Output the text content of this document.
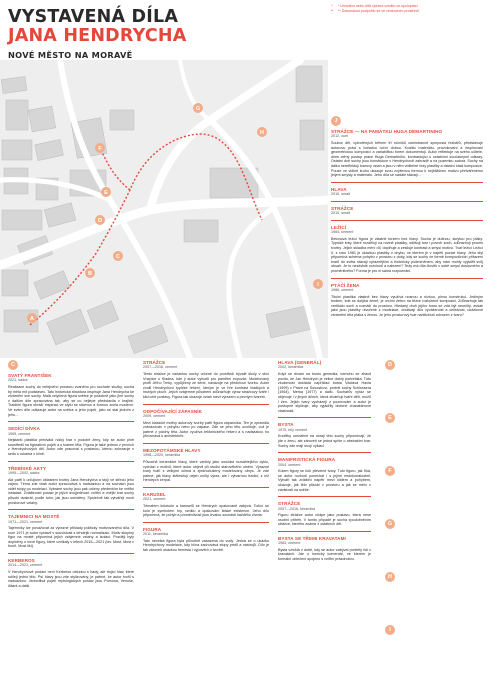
VYSTAVENÁ DÍLA
JANA HENDRYCHA
NOVÉ MĚSTO NA MORAVĚ
*	* Umístění nebo dílčí úprava vzniklo ve spolupráci
**	** Dokonalost podpořilo se ve venkovním prostředí
A
B
C
D
E
F
G
H
I
J
STRÁŽCE — NA PAMÁTKU HUGA DEMARTINIHO
2012, ocel
Soubor děl, vytvořených během tří ročníků osmistranné symposia řezbářů, představuje autorovu práci s bohatou roční dobou. Kvalitu materiálu, provokovaní a inspirovaní geometrickou kompozicí a variabilitou forem dokumentují. Autor reflektuje na svého učitele, dnes ctěný postup práce Huga Demartiniho, kontrastující s ostatními současnými odkazy. Ostatní dvě sochy jsou konstrukce v Hendrychově zahradě a na pozemku autora. Sochy na dálku nereflektují tvarový vztah a jsou v něm viditelné řezy plastiky a ostatní části kompozice. Pouze ve vidině kruhu ukazuje svou zvýšenou formou k nejbližšímu motivu přetvářenému jinými smysly a materiálu. Jeho díla se nadále stávají...
HLAVA
2010, smalt
STRÁŽCE
2010, smalt
LEŽÍCÍ
1984, cement
Betonová ležící figura je vlastně torzem bez hlavy. Socha je dutinou, skrytou pro ptáky. Typické krky, které rozdělují na rovině plastiky, odlišují tvar i povrch soch, zdůrazňují proces tvorby. Jejich skladba mění díl, doplňuje a zesiluje kontrast a smysl motivu. Tvar ležící Ležící II. z roku 1981 je ukázkou plastiky v ohybu, ve kterém je v napětí pozice hlavy. Jeho styl připomíná schéma pohybu v prostoru z doby, kdy se sochy ve formě kompozičních přiřazení tvarů do světa stávají výraznějším a historicky podmíněném, aby nám mohly vyjádřit svůj obsah. Je to nezávislé rozvinutí a nalezení? Tedy má díla člověk v sobě smysl doslovného a proměnlivého? Forma je pro ni sama rozpoznání.
PTÁČÍ ŽENA
1986, cement
Titulní plastika vlastně bez hlavy využívá nosnou a nízkou, plnou konstrukci. Jediným bodem, kde se dotýká země, je vrchní žebro na těžce rozložené kompozici. Zdůrazňuje tak vertikálu soch a roznáší do prostoru. Hledaný druh jejího tvaru se zdá být neurčitý, avšak jako jsou plastiky utvořené z modelace, dodávají dílu vyváženost a celistvost, ukázkové ztvárnění těla ptáka s ženou. Je jeho prostorový tvar nahlédnutí odvozen z tvaru?
C
SVATÝ FRANTIŠEK
2021, sádra
Realizace sochy do veřejného prostoru zvaného pro sochaře služby, socha by měla mít podstavec. Tato historická struktura inspiruje Jana Hendrycha ke ztvárnění své sochy. Malá vztyčená figura světce je podobně jako jiné sochy v dalším díle zpracována tak, aby se co nejlépe představila v krajině. Tradiční figura obráží inspiraci ve stylu se slavnou a formou zcela moderní. Ve svém díle odkazuje autor na světce a jeho pojetí, jako se stal jedním z jeho...
SEDÍCÍ DÍVKA
1969, cement
Nejstarší plastika předvádí nízký tvar v podobě ženy, kdy se autor plně soustředil na figurativní pojetí a s tvarem těla. Figura je také jednou z prvních z Hendrychových děl. Autor zde pracoval s postavou, kterou zobrazuje v sedu s rukama v klíně.
TŘEBÍSKÉ AKTY
1995—2002, sádra
Akt patří k určujícím oblastem tvorby Jana Hendrycha a stojí ve středu jeho zájmu. Téma zde však autor zpracovává s nadsázkou a na sochách jsou vidět stopy po modelaci. Vybrané sochy jsou pak určeny především ke vnitřní instalaci. Zvláštností postav je jejich dvojjedinost: vnitřní a vnější tvar sochy působí dvakrát, podle toho, jak jsou umístěny. Společně tak vytvářejí nové prostorové vztahy.
TAJEMNICI NA MOSTĚ
1971—2021, cement
Tajemníky lze považovat za výrazné příklady politicky motivovaného díla. V roce 1971 je autor vystavil v souvislosti s tehdejší normalizací. Motiv skupiny figur na mostě připomíná jejich vzájemné vztahy a izolaci. Později byly doplněny o nové figury, které vznikaly v letech 2015—2021 (tzv. Most, Most v bouři, Most liší).
KERBEROS
2014—2021, cement
V Hendrychově podání není Kerberos obludou s hady, ale trojicí hlav, které sdílejí jedno tělo. Psí hlavy jsou zde stylizovány, je patrné, že autor tvořil s nadsázkou. Jednotlivá pojetí mytologických postav jsou Pomona, Venuše, Atlant a další.
STRÁŽCE
2007—2016, cement
Tento strážce je variantou sochy určené do prostředí bývalé školy v obci Vnepice u Kladna, kde ji autor vytvořil pro pamětní expozici. Modelovaný profil Jiřího Trnky, vypůjčený ze série, navazuje na předchozí tvorbu. Autor zvolil Hendrychovi typické řešení, kterým je ve hře kontrast hladkých a hrubých ploch. Jejich vzájemné působení zdůrazňuje výraz strážcovy tváře i klid celé postavy. Figura tak ukazuje vztah mezi výrazem a pevným tvarem.
ODPOČÍVAJÍCÍ ZÁPASNÍK
2009, cement
Mezi klasické motivy autorovy tvorby patří figura zápasníka. Ten je zpravidla zobrazován v pohybu nebo po zápase. Zde se jeho tělo uvolňuje, což je patrné z polohy těla. Autor využívá tektonického řešení a s nadsázkou ho přirovnává k architektuře.
MEZOPOTÁMSKÉ HLAVY
1998—2020, keramika
Původně keramické hlavy, které vznikly jako součást rozsáhlejšího cyklu, vychází z motivů, které autor objevil při studiu starověkého umění. Výrazné tvary tváří s velkými očima a zjednodušený modelovaný obrys. Je zde patrné, jak hlavy ztělesňují nejen určitý výraz, ale i výtvarnou tradici, z níž Hendrych čerpal.
KARUSEL
2021, cement
Tématem kolotoče a karuselů se Hendrych opakovaně zabývá. Točící se kolo je symbolem hry, vzniku a opakování lidské existence. Jeho dílo připomíná, že pohyb a proměnlivost jsou trvalou součástí každého života.
FIGURA
2011, keramika
Tato nevelká figura byla původně zasazena do vody. Jedná se o ukázku Hendrychovy modelace, kdy hlína zachovává stopy prstů a nástrojů. Dílo je tak zároveň ukázkou řemesla i výpovědí o tvorbě.
HLAVA (GENERÁL)
2002, keramika
Když se dívám na bustu generála, nemohu se zbavit pocitu, že Jan Hendrych je velice dobrý portrétista. Tuto zkušenost dokládá například busta Václava Havla (1999) v Praze na Souostroví, portrét sochy Schlossera (1964), Merka (1977) a další. Sochařův výraz se objevuje i v jiných dílech, která ztvárňují tváře dětí, mužů i žen. Jejich tvary vycházejí z pozorování a autor je postupně stylizuje, aby vyjádřily obecné charakterové vlastnosti.
BYSTA
1975, bílý cement
Knoflíky umístěné na okraji této sochy připomínají, že jde o ženu, ale zároveň se jedná spíše o abstraktní tvar. Sochy zde mají dvojí výklad.
MANIFRISTICKÁ FIGURA
2004, cement
Kolem figury se točí plevelné tvary. Tuto figuru, jak říká, se autor rozhodl ponechat i s jejími nedokonalostmi. Vytváří tak zvláštní napětí mezi klidem a pohybem, ukazuje, jak tělo působí v prostoru a jak se mění v závislosti na světle.
STRÁŽCE
2007—2016, keramika
Figuru strážce autor chápe jako postavu, která nese osobní příběh. V tomto případě je socha zpodobněním strážce, kterého známe z ostatních děl.
BYSTA SE TŘEMI KRAVATAMI
1983, cement
Bysta vzniklá v době, kdy se autor zabýval portréty lidí v kravatách. Jde o ironický komentář, ve kterém je formální oblečení spojeno s vnitřní prázdnotou.
D
E
F
G
H
I
